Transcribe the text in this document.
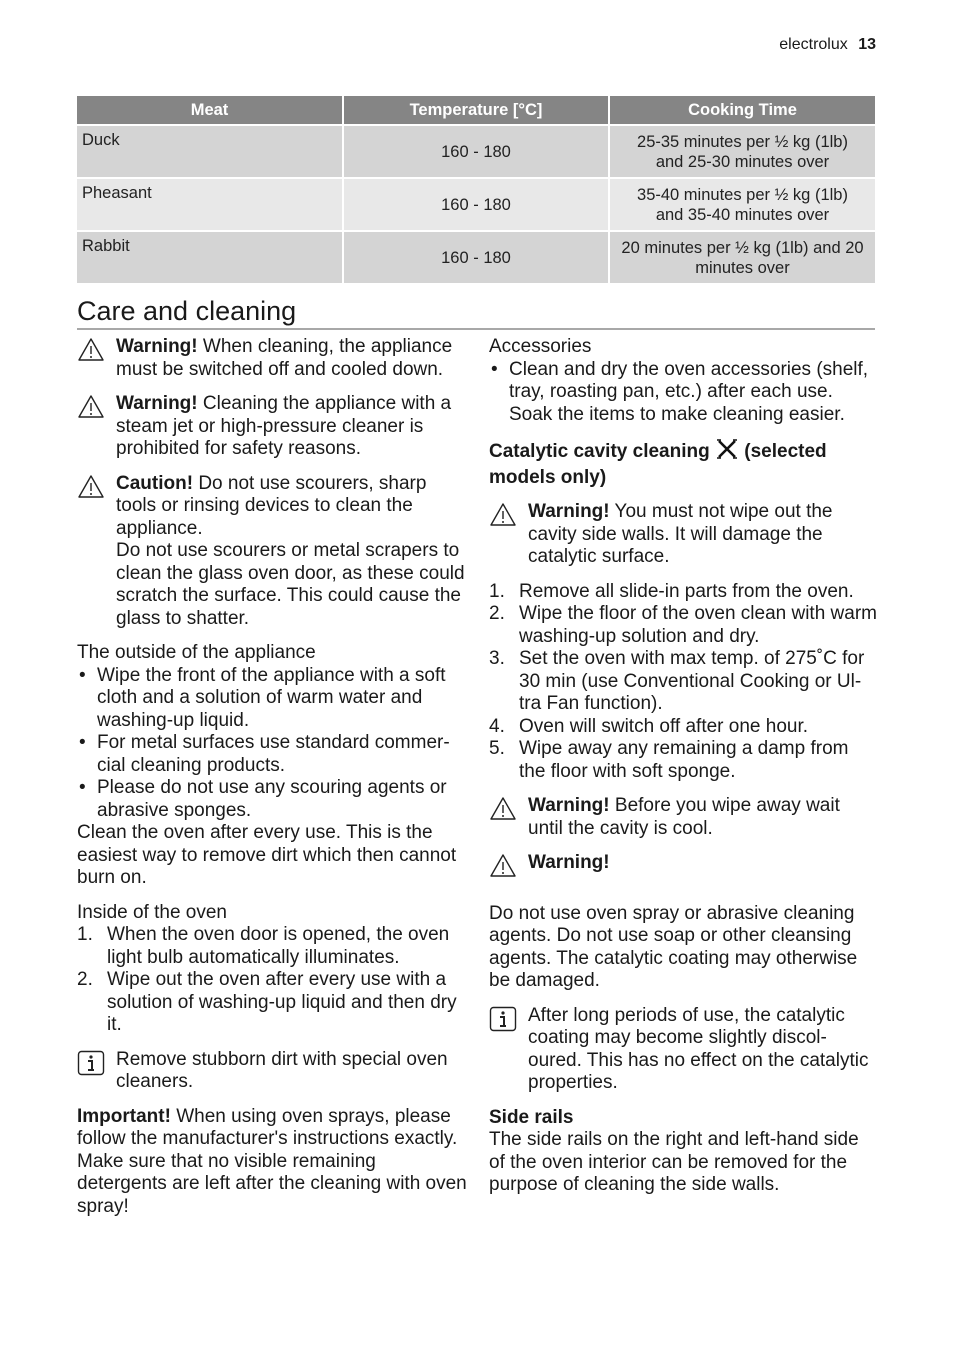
electrolux 13
Meat	Temperature [°C]	Cooking Time
Duck	160 - 180	25-35 minutes per ½ kg (1lb)
and 25-30 minutes over
Pheasant	160 - 180	35-40 minutes per ½ kg (1lb)
and 35-40 minutes over
Rabbit	160 - 180	20 minutes per ½ kg (1lb) and 20
minutes over
Care and cleaning

Warning! When cleaning, the appliance must be switched off and cooled down.

Warning! Cleaning the appliance with a steam jet or high-pressure cleaner is prohibited for safety reasons.

Caution! Do not use scourers, sharp tools or rinsing devices to clean the appliance.

Do not use scourers or metal scrapers to clean the glass oven door, as these could scratch the surface. This could cause the glass to shatter.

The outside of the appliance
• Wipe the front of the appliance with a soft cloth and a solution of warm water and washing-up liquid.
• For metal surfaces use standard commer-cial cleaning products.
• Please do not use any scouring agents or abrasive sponges.

Clean the oven after every use. This is the easiest way to remove dirt which then cannot burn on.

Inside of the oven
1. When the oven door is opened, the oven light bulb automatically illuminates.
2. Wipe out the oven after every use with a solution of washing-up liquid and then dry it.

Remove stubborn dirt with special oven cleaners.

Important! When using oven sprays, please follow the manufacturer's instructions exactly. Make sure that no visible remaining detergents are left after the cleaning with oven spray!

Accessories
• Clean and dry the oven accessories (shelf, tray, roasting pan, etc.) after each use. Soak the items to make cleaning easier.
Catalytic cavity cleaning (selected models only)

Warning! You must not wipe out the cavity side walls. It will damage the catalytic surface.

1. Remove all slide-in parts from the oven.
2. Wipe the floor of the oven clean with warm washing-up solution and dry.
3. Set the oven with max temp. of 275˚C for 30 min (use Conventional Cooking or Ul-tra Fan function).
4. Oven will switch off after one hour.
5. Wipe away any remaining a damp from the floor with soft sponge.

Warning! Before you wipe away wait until the cavity is cool.

Warning!

Do not use oven spray or abrasive cleaning agents. Do not use soap or other cleansing agents. The catalytic coating may otherwise be damaged.

After long periods of use, the catalytic coating may become slightly discol-oured. This has no effect on the catalytic properties.

Side rails

The side rails on the right and left-hand side of the oven interior can be removed for the purpose of cleaning the side walls.
